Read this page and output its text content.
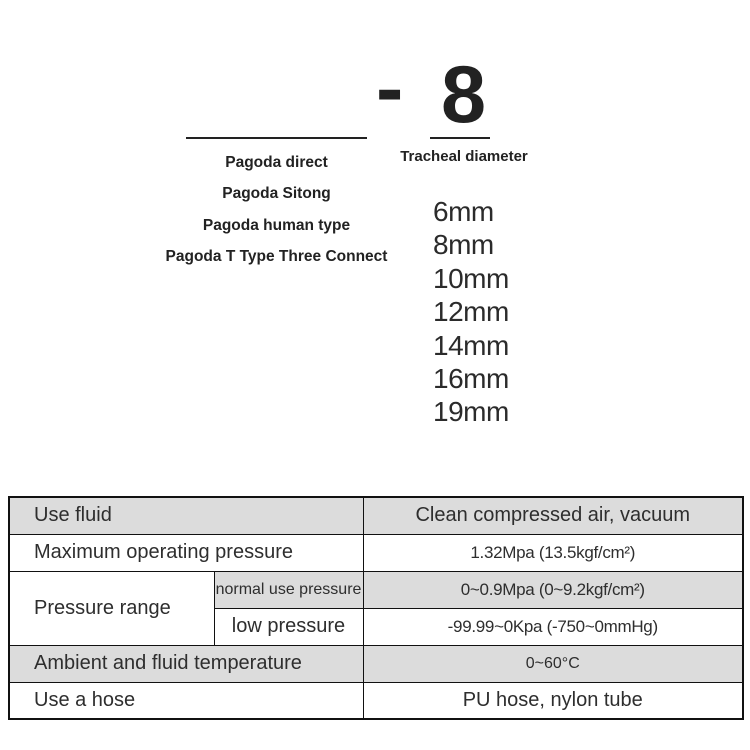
- 8
Tracheal diameter
Pagoda direct
Pagoda Sitong
Pagoda human type
Pagoda T Type Three Connect
6mm
8mm
10mm
12mm
14mm
16mm
19mm
Use fluid		Clean compressed air, vacuum
Maximum operating pressure		1.32Mpa (13.5kgf/cm²)
Pressure range	normal use pressure	0~0.9Mpa (0~9.2kgf/cm²)
	low pressure	-99.99~0Kpa (-750~0mmHg)
Ambient and fluid temperature		0~60°C
Use a hose		PU hose, nylon tube
